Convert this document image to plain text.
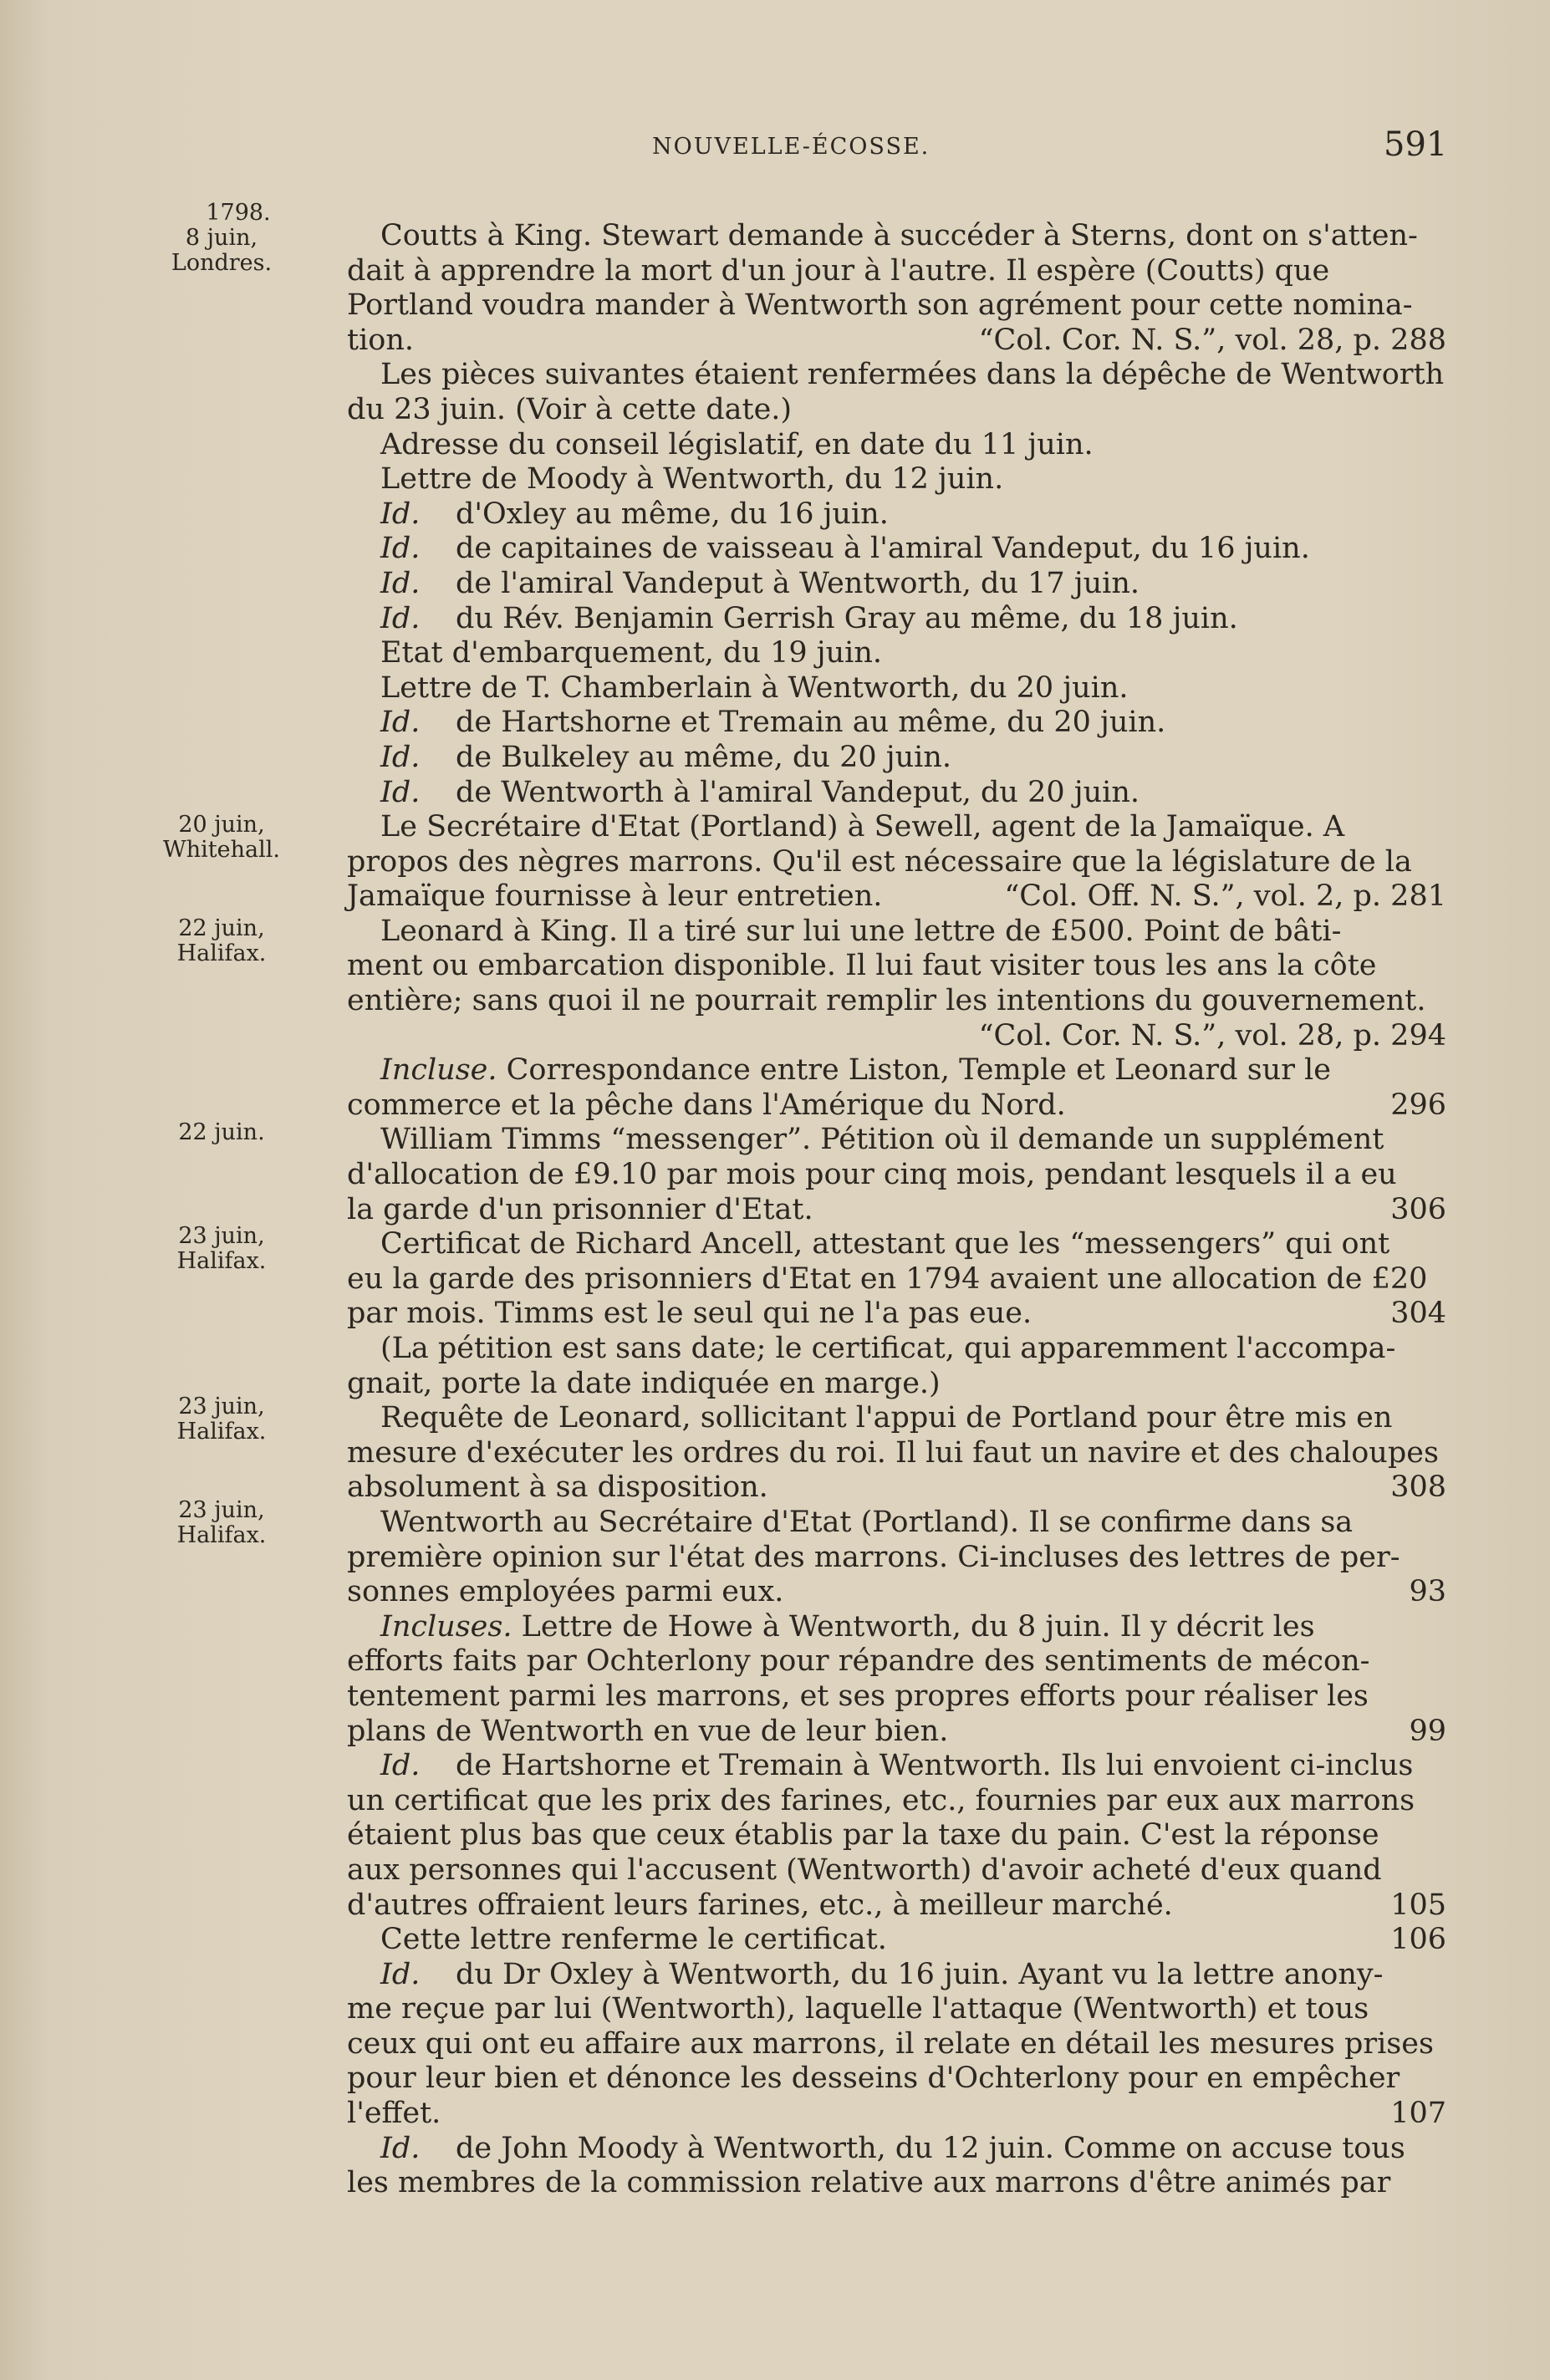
NOUVELLE-ÉCOSSE.	591
1798.
8 juin,
Londres.
20 juin,
Whitehall.
22 juin,
Halifax.
22 juin.
23 juin,
Halifax.
23 juin,
Halifax.
23 juin,
Halifax.
Coutts à King. Stewart demande à succéder à Sterns, dont on s'atten-
dait à apprendre la mort d'un jour à l'autre. Il espère (Coutts) que
Portland voudra mander à Wentworth son agrément pour cette nomina-
tion.	“Col. Cor. N. S.”, vol. 28, p. 288
Les pièces suivantes étaient renfermées dans la dépêche de Wentworth
du 23 juin. (Voir à cette date.)
Adresse du conseil législatif, en date du 11 juin.
Lettre de Moody à Wentworth, du 12 juin.
Id. d'Oxley au même, du 16 juin.
Id. de capitaines de vaisseau à l'amiral Vandeput, du 16 juin.
Id. de l'amiral Vandeput à Wentworth, du 17 juin.
Id. du Rév. Benjamin Gerrish Gray au même, du 18 juin.
Etat d'embarquement, du 19 juin.
Lettre de T. Chamberlain à Wentworth, du 20 juin.
Id. de Hartshorne et Tremain au même, du 20 juin.
Id. de Bulkeley au même, du 20 juin.
Id. de Wentworth à l'amiral Vandeput, du 20 juin.
Le Secrétaire d'Etat (Portland) à Sewell, agent de la Jamaïque. A
propos des nègres marrons. Qu'il est nécessaire que la législature de la
Jamaïque fournisse à leur entretien.	“Col. Off. N. S.”, vol. 2, p. 281
Leonard à King. Il a tiré sur lui une lettre de £500. Point de bâti-
ment ou embarcation disponible. Il lui faut visiter tous les ans la côte
entière; sans quoi il ne pourrait remplir les intentions du gouvernement.
“Col. Cor. N. S.”, vol. 28, p. 294
Incluse. Correspondance entre Liston, Temple et Leonard sur le
commerce et la pêche dans l'Amérique du Nord.	296
William Timms “messenger”. Pétition où il demande un supplément
d'allocation de £9.10 par mois pour cinq mois, pendant lesquels il a eu
la garde d'un prisonnier d'Etat.	306
Certificat de Richard Ancell, attestant que les “messengers” qui ont
eu la garde des prisonniers d'Etat en 1794 avaient une allocation de £20
par mois. Timms est le seul qui ne l'a pas eue.	304
(La pétition est sans date; le certificat, qui apparemment l'accompa-
gnait, porte la date indiquée en marge.)
Requête de Leonard, sollicitant l'appui de Portland pour être mis en
mesure d'exécuter les ordres du roi. Il lui faut un navire et des chaloupes
absolument à sa disposition.	308
Wentworth au Secrétaire d'Etat (Portland). Il se confirme dans sa
première opinion sur l'état des marrons. Ci-incluses des lettres de per-
sonnes employées parmi eux.	93
Incluses. Lettre de Howe à Wentworth, du 8 juin. Il y décrit les
efforts faits par Ochterlony pour répandre des sentiments de mécon-
tentement parmi les marrons, et ses propres efforts pour réaliser les
plans de Wentworth en vue de leur bien.	99
Id. de Hartshorne et Tremain à Wentworth. Ils lui envoient ci-inclus
un certificat que les prix des farines, etc., fournies par eux aux marrons
étaient plus bas que ceux établis par la taxe du pain. C'est la réponse
aux personnes qui l'accusent (Wentworth) d'avoir acheté d'eux quand
d'autres offraient leurs farines, etc., à meilleur marché.	105
Cette lettre renferme le certificat.	106
Id. du Dr Oxley à Wentworth, du 16 juin. Ayant vu la lettre anony-
me reçue par lui (Wentworth), laquelle l'attaque (Wentworth) et tous
ceux qui ont eu affaire aux marrons, il relate en détail les mesures prises
pour leur bien et dénonce les desseins d'Ochterlony pour en empêcher
l'effet.	107
Id. de John Moody à Wentworth, du 12 juin. Comme on accuse tous
les membres de la commission relative aux marrons d'être animés par
